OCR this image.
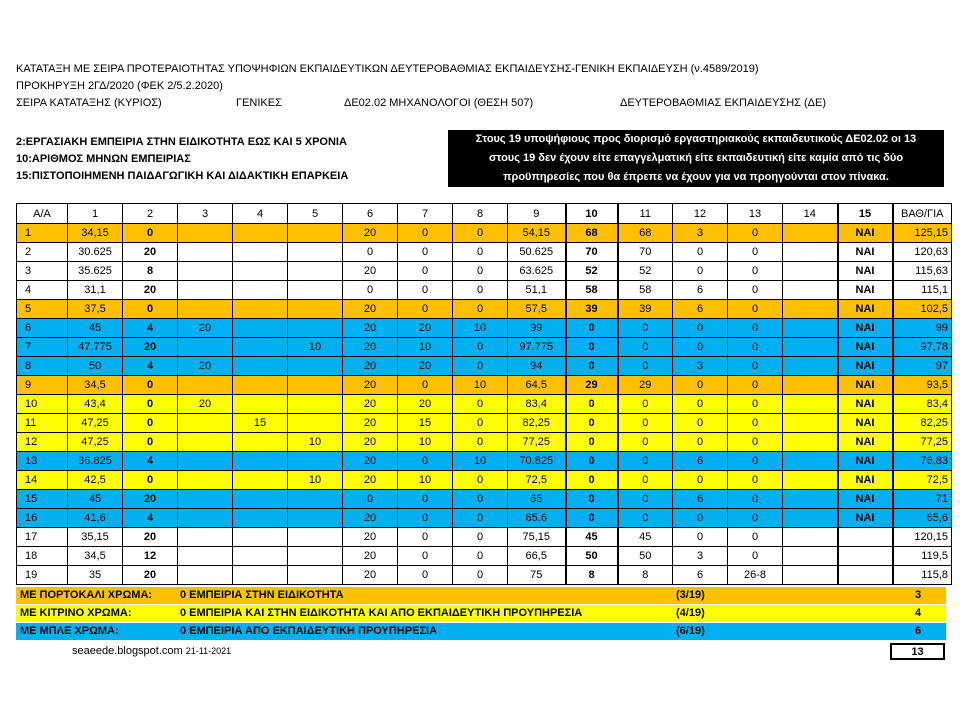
ΚΑΤΑΤΑΞΗ ΜΕ ΣΕΙΡΑ ΠΡΟΤΕΡΑΙΟΤΗΤΑΣ ΥΠΟΨΗΦΙΩΝ ΕΚΠΑΙΔΕΥΤΙΚΩΝ ΔΕΥΤΕΡΟΒΑΘΜΙΑΣ ΕΚΠΑΙΔΕΥΣΗΣ-ΓΕΝΙΚΗ ΕΚΠΑΙΔΕΥΣΗ (ν.4589/2019)
ΠΡΟΚΗΡΥΞΗ 2ΓΔ/2020 (ΦΕΚ 2/5.2.2020)
ΣΕΙΡΑ ΚΑΤΑΤΑΞΗΣ (ΚΥΡΙΟΣ)	ΓΕΝΙΚΕΣ	ΔΕ02.02 ΜΗΧΑΝΟΛΟΓΟΙ (ΘΕΣΗ 507)	ΔΕΥΤΕΡΟΒΑΘΜΙΑΣ ΕΚΠΑΙΔΕΥΣΗΣ (ΔΕ)
2:ΕΡΓΑΣΙΑΚΗ ΕΜΠΕΙΡΙΑ ΣΤΗΝ ΕΙΔΙΚΟΤΗΤΑ ΕΩΣ ΚΑΙ 5 ΧΡΟΝΙΑ
10:ΑΡΙΘΜΟΣ ΜΗΝΩΝ ΕΜΠΕΙΡΙΑΣ
15:ΠΙΣΤΟΠΟΙΗΜΕΝΗ ΠΑΙΔΑΓΩΓΙΚΗ ΚΑΙ ΔΙΔΑΚΤΙΚΗ ΕΠΑΡΚΕΙΑ
Στους 19 υποψήφιους προς διορισμό εργαστηριακούς εκπαιδευτικούς ΔΕ02.02 οι 13
στους 19 δεν έχουν είτε επαγγελματική είτε εκπαιδευτική είτε καμία από τις δύο
προϋπηρεσίες που θα έπρεπε να έχουν για να προηγούνται στον πίνακα.
Α/Α	1	2	3	4	5	6	7	8	9	10	11	12	13	14	15	ΒΑΘ/ΓΙΑ
1	34,15	0				20	0	0	54,15	68	68	3	0		ΝΑΙ	125,15
2	30.625	20				0	0	0	50.625	70	70	0	0		ΝΑΙ	120,63
3	35.625	8				20	0	0	63.625	52	52	0	0		ΝΑΙ	115,63
4	31,1	20				0	0	0	51,1	58	58	6	0		ΝΑΙ	115,1
5	37,5	0				20	0	0	57,5	39	39	6	0		ΝΑΙ	102,5
6	45	4	20			20	20	10	99	0	0	0	0		ΝΑΙ	99
7	47.775	20			10	20	10	0	97.775	0	0	0	0		ΝΑΙ	97,78
8	50	4	20			20	20	0	94	0	0	3	0		ΝΑΙ	97
9	34,5	0				20	0	10	64,5	29	29	0	0		ΝΑΙ	93,5
10	43,4	0	20			20	20	0	83,4	0	0	0	0		ΝΑΙ	83,4
11	47,25	0		15		20	15	0	82,25	0	0	0	0		ΝΑΙ	82,25
12	47,25	0			10	20	10	0	77,25	0	0	0	0		ΝΑΙ	77,25
13	36.825	4				20	0	10	70.825	0	0	6	0		ΝΑΙ	76,83
14	42,5	0			10	20	10	0	72,5	0	0	0	0		ΝΑΙ	72,5
15	45	20				0	0	0	65	0	0	6	0		ΝΑΙ	71
16	41,6	4				20	0	0	65,6	0	0	0	0		ΝΑΙ	65,6
17	35,15	20				20	0	0	75,15	45	45	0	0			120,15
18	34,5	12				20	0	0	66,5	50	50	3	0			119,5
19	35	20				20	0	0	75	8	8	6	26-8			115,8
ΜΕ ΠΟΡΤΟΚΑΛΙ ΧΡΩΜΑ:	0 ΕΜΠΕΙΡΙΑ ΣΤΗΝ ΕΙΔΙΚΟΤΗΤΑ	(3/19)	3
ΜΕ ΚΙΤΡΙΝΟ ΧΡΩΜΑ:	0 ΕΜΠΕΙΡΙΑ ΚΑΙ ΣΤΗΝ ΕΙΔΙΚΟΤΗΤΑ ΚΑΙ ΑΠΟ ΕΚΠΑΙΔΕΥΤΙΚΗ ΠΡΟΥΠΗΡΕΣΙΑ	(4/19)	4
ΜΕ ΜΠΛΕ ΧΡΩΜΑ:	0 ΕΜΠΕΙΡΙΑ ΑΠΟ ΕΚΠΑΙΔΕΥΤΙΚΗ ΠΡΟΥΠΗΡΕΣΙΑ	(6/19)	6
seaeede.blogspot.com 21-11-2021	13
